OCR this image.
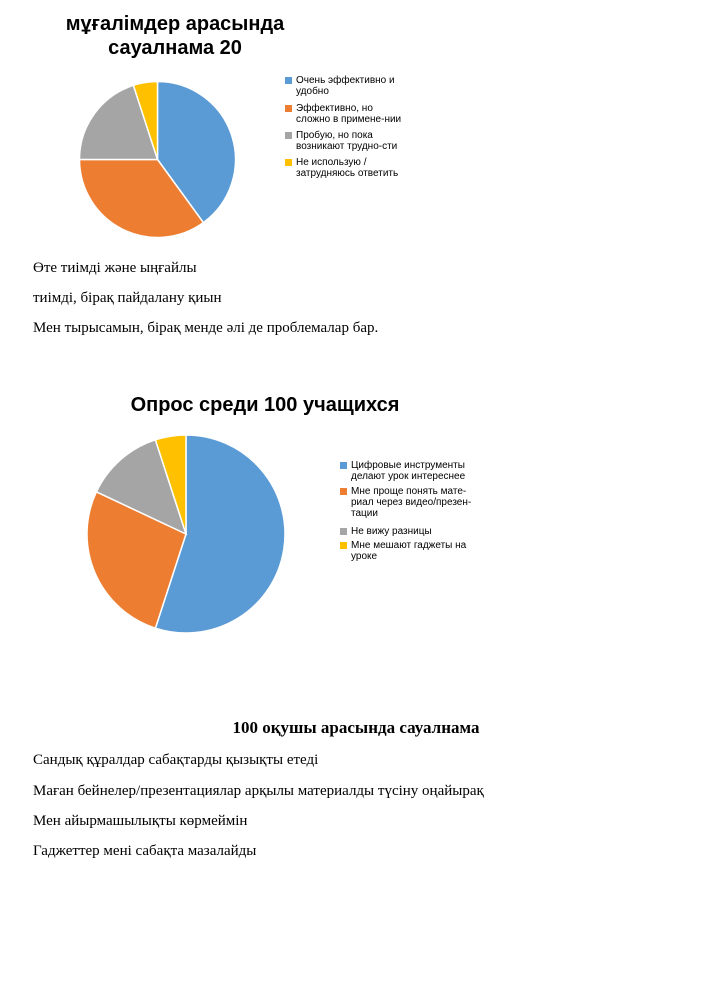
мұғалімдер арасында
сауалнама 20
Очень эффективно и удобно
Эффективно, но сложно в примене-нии
Пробую, но пока возникают трудно-сти
Не использую / затрудняюсь ответить
Өте тиімді және ыңғайлы
тиімді, бірақ пайдалану қиын
Мен тырысамын, бірақ менде әлі де проблемалар бар.
Опрос среди 100 учащихся
Цифровые инструменты делают урок интереснее
Мне проще понять мате-риал через видео/презен-тации
Не вижу разницы
Мне мешают гаджеты на уроке
100 оқушы арасында сауалнама
Сандық құралдар сабақтарды қызықты етеді
Маған бейнелер/презентациялар арқылы материалды түсіну оңайырақ
Мен айырмашылықты көрмеймін
Гаджеттер мені сабақта мазалайды
